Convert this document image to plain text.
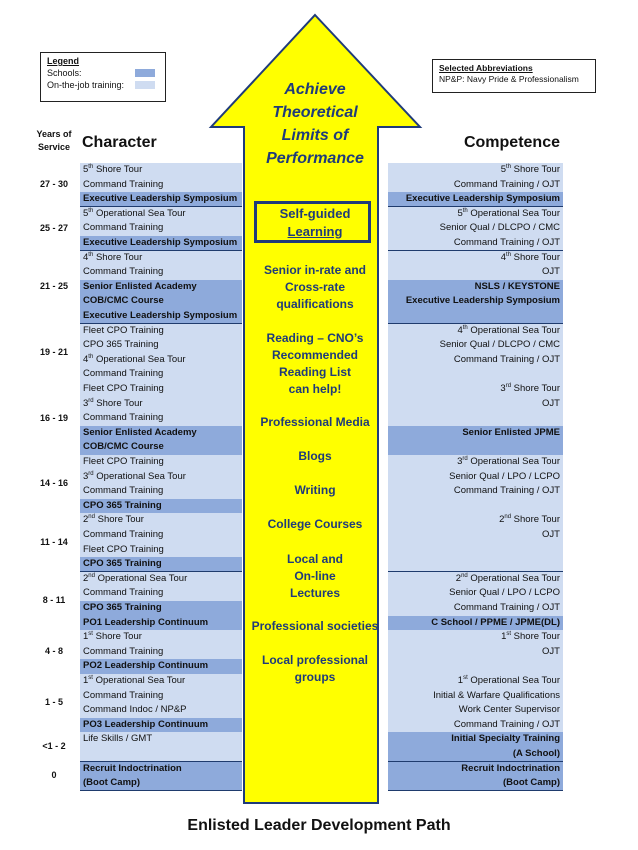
Legend
Schools:
On-the-job training:
Selected Abbreviations
NP&P: Navy Pride & Professionalism
Years of Service Character	Competence
5th Shore Tour
Command Training
Executive Leadership Symposium
5th Operational Sea Tour
Command Training
Executive Leadership Symposium
4th Shore Tour
Command Training
Senior Enlisted Academy
COB/CMC Course
Executive Leadership Symposium
Fleet CPO Training
CPO 365 Training
4th Operational Sea Tour
Command Training
Fleet CPO Training
3rd Shore Tour
Command Training
Senior Enlisted Academy
COB/CMC Course
Fleet CPO Training
3rd Operational Sea Tour
Command Training
CPO 365 Training
2nd Shore Tour
Command Training
Fleet CPO Training
CPO 365 Training
2nd Operational Sea Tour
Command Training
CPO 365 Training
PO1 Leadership Continuum
1st Shore Tour
Command Training
PO2 Leadership Continuum
1st Operational Sea Tour
Command Training
Command Indoc / NP&P
PO3 Leadership Continuum
Life Skills / GMT
Recruit Indoctrination
(Boot Camp)
5th Shore Tour
Command Training / OJT
Executive Leadership Symposium
5th Operational Sea Tour
Senior Qual / DLCPO / CMC
Command Training / OJT
4th Shore Tour
OJT
NSLS / KEYSTONE
Executive Leadership Symposium
4th Operational Sea Tour
Senior Qual / DLCPO / CMC
Command Training / OJT
3rd Shore Tour
OJT
Senior Enlisted JPME
3rd Operational Sea Tour
Senior Qual / LPO / LCPO
Command Training / OJT
2nd Shore Tour
OJT
2nd Operational Sea Tour
Senior Qual / LPO / LCPO
Command Training / OJT
C School / PPME / JPME(DL)
1st Shore Tour
OJT
1st Operational Sea Tour
Initial & Warfare Qualifications
Work Center Supervisor
Command Training / OJT
Initial Specialty Training
(A School)
Recruit Indoctrination
(Boot Camp)
27 - 30
25 - 27
21 - 25
19 - 21
16 - 19
14 - 16
11 - 14
8 - 11
4 - 8
1 - 5
<1 - 2
0
Achieve
Theoretical
Limits of
Performance
Self-guided
Learning
Senior in-rate and
Cross-rate
qualifications
Reading – CNO’s
Recommended
Reading List
can help!
Professional Media
Blogs
Writing
College Courses
Local and
On-line
Lectures
Professional societies
Local professional
groups
Enlisted Leader Development Path
